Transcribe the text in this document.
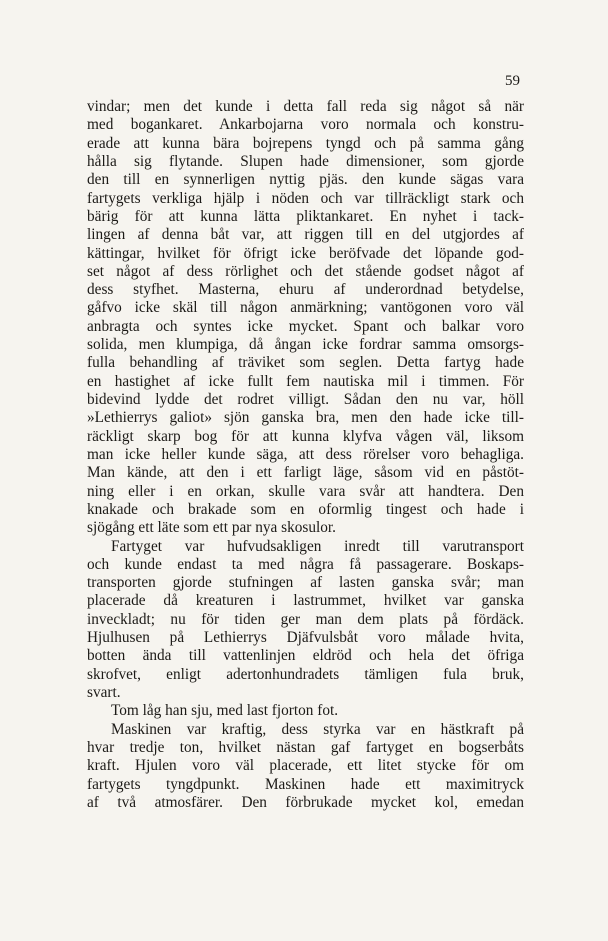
59
vindar; men det kunde i detta fall reda sig något så när
med bogankaret. Ankarbojarna voro normala och konstru-
erade att kunna bära bojrepens tyngd och på samma gång
hålla sig flytande. Slupen hade dimensioner, som gjorde
den till en synnerligen nyttig pjäs. den kunde sägas vara
fartygets verkliga hjälp i nöden och var tillräckligt stark och
bärig för att kunna lätta pliktankaret. En nyhet i tack-
lingen af denna båt var, att riggen till en del utgjordes af
kättingar, hvilket för öfrigt icke beröfvade det löpande god-
set något af dess rörlighet och det stående godset något af
dess styfhet. Masterna, ehuru af underordnad betydelse,
gåfvo icke skäl till någon anmärkning; vantögonen voro väl
anbragta och syntes icke mycket. Spant och balkar voro
solida, men klumpiga, då ångan icke fordrar samma omsorgs-
fulla behandling af träviket som seglen. Detta fartyg hade
en hastighet af icke fullt fem nautiska mil i timmen. För
bidevind lydde det rodret villigt. Sådan den nu var, höll
»Lethierrys galiot» sjön ganska bra, men den hade icke till-
räckligt skarp bog för att kunna klyfva vågen väl, liksom
man icke heller kunde säga, att dess rörelser voro behagliga.
Man kände, att den i ett farligt läge, såsom vid en påstöt-
ning eller i en orkan, skulle vara svår att handtera. Den
knakade och brakade som en oformlig tingest och hade i
sjögång ett läte som ett par nya skosulor.
Fartyget var hufvudsakligen inredt till varutransport
och kunde endast ta med några få passagerare. Boskaps-
transporten gjorde stufningen af lasten ganska svår; man
placerade då kreaturen i lastrummet, hvilket var ganska
inveckladt; nu för tiden ger man dem plats på fördäck.
Hjulhusen på Lethierrys Djäfvulsbåt voro målade hvita,
botten ända till vattenlinjen eldröd och hela det öfriga
skrofvet, enligt adertonhundradets tämligen fula bruk,
svart.
Tom låg han sju, med last fjorton fot.
Maskinen var kraftig, dess styrka var en hästkraft på
hvar tredje ton, hvilket nästan gaf fartyget en bogserbåts
kraft. Hjulen voro väl placerade, ett litet stycke för om
fartygets tyngdpunkt. Maskinen hade ett maximitryck
af två atmosfärer. Den förbrukade mycket kol, emedan
